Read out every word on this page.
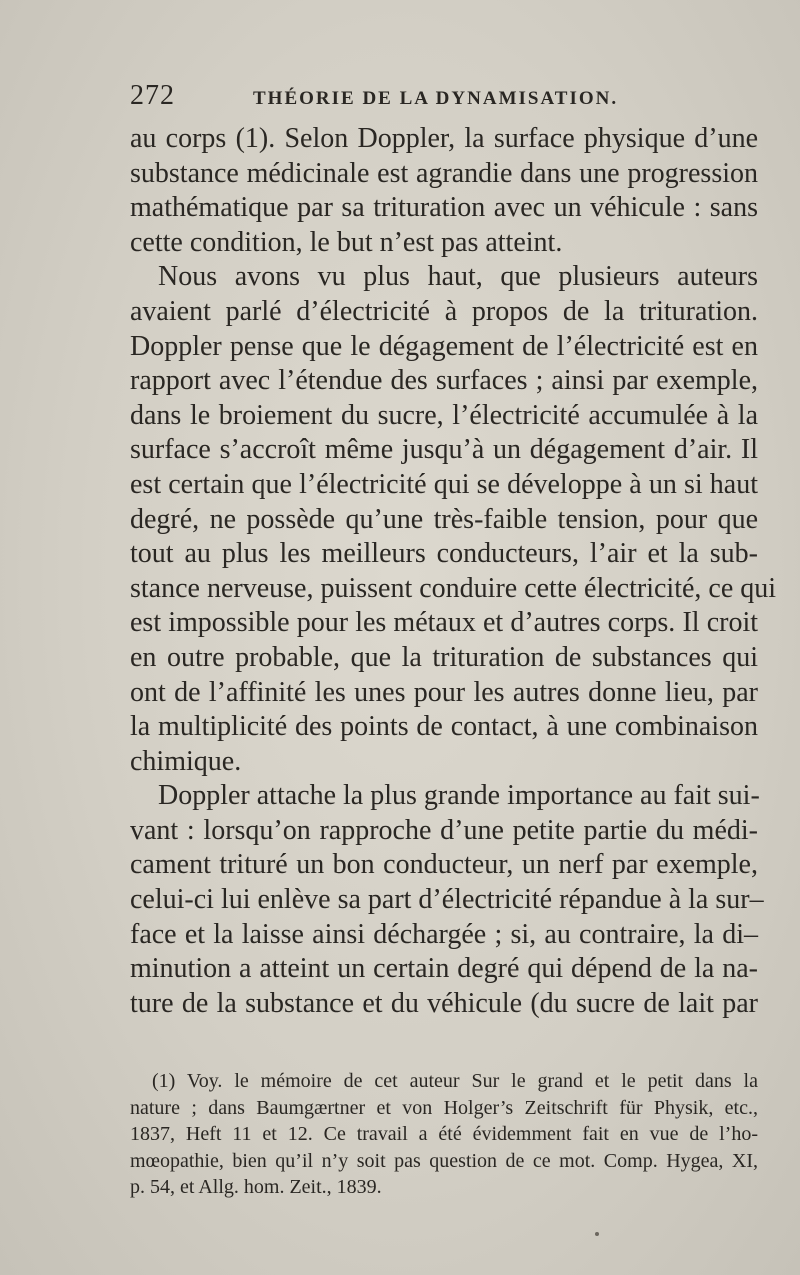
272	THÉORIE DE LA DYNAMISATION.
au corps (1). Selon Doppler, la surface physique d’une
substance médicinale est agrandie dans une progression
mathématique par sa trituration avec un véhicule : sans
cette condition, le but n’est pas atteint.
Nous avons vu plus haut, que plusieurs auteurs
avaient parlé d’électricité à propos de la trituration.
Doppler pense que le dégagement de l’électricité est en
rapport avec l’étendue des surfaces ; ainsi par exemple,
dans le broiement du sucre, l’électricité accumulée à la
surface s’accroît même jusqu’à un dégagement d’air. Il
est certain que l’électricité qui se développe à un si haut
degré, ne possède qu’une très-faible tension, pour que
tout au plus les meilleurs conducteurs, l’air et la sub-
stance nerveuse, puissent conduire cette électricité, ce qui
est impossible pour les métaux et d’autres corps. Il croit
en outre probable, que la trituration de substances qui
ont de l’affinité les unes pour les autres donne lieu, par
la multiplicité des points de contact, à une combinaison
chimique.
Doppler attache la plus grande importance au fait sui-
vant : lorsqu’on rapproche d’une petite partie du médi-
cament trituré un bon conducteur, un nerf par exemple,
celui-ci lui enlève sa part d’électricité répandue à la sur–
face et la laisse ainsi déchargée ; si, au contraire, la di–
minution a atteint un certain degré qui dépend de la na-
ture de la substance et du véhicule (du sucre de lait par
(1) Voy. le mémoire de cet auteur Sur le grand et le petit dans la
nature ; dans Baumgærtner et von Holger’s Zeitschrift für Physik, etc.,
1837, Heft 11 et 12. Ce travail a été évidemment fait en vue de l’ho-
mœopathie, bien qu’il n’y soit pas question de ce mot. Comp. Hygea, XI,
p. 54, et Allg. hom. Zeit., 1839.
